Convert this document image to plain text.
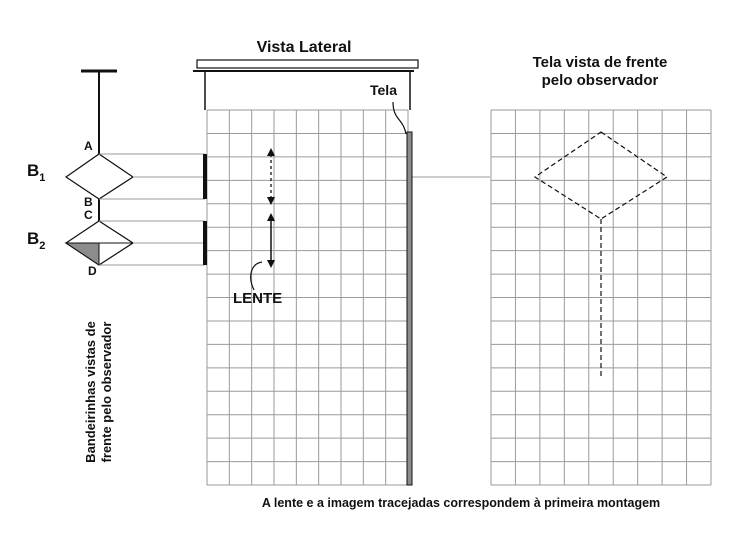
A
B
C
D
$B_1$
$B_2$
Bandeirinhas vistas de frente pelo observador
Vista Lateral
Tela
LENTE
Tela vista de frente
pelo observador
A lente e a imagem tracejadas correspondem à primeira montagem
